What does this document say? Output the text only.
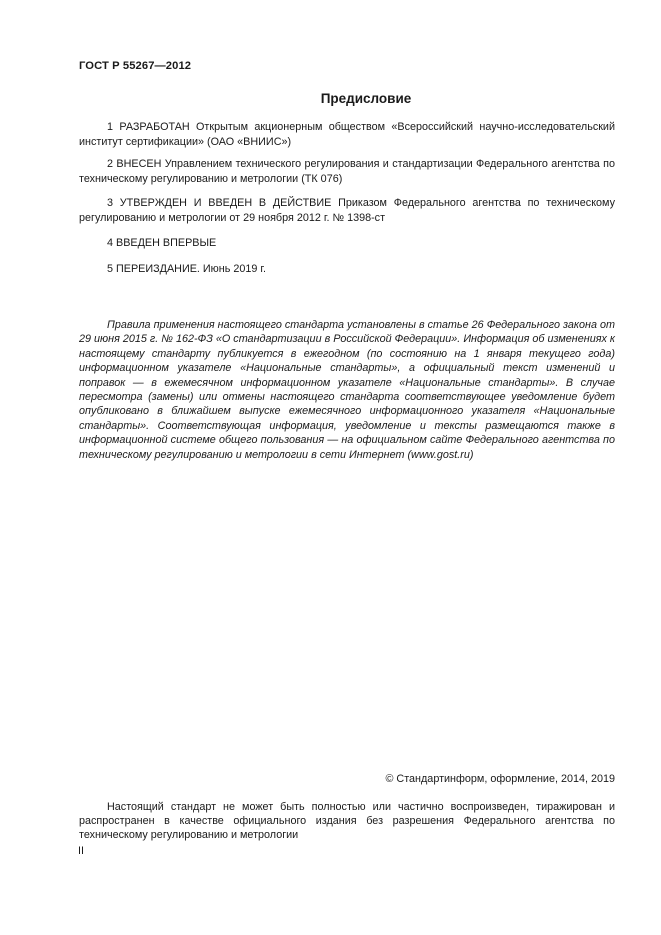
ГОСТ Р 55267—2012
Предисловие
1 РАЗРАБОТАН Открытым акционерным обществом «Всероссийский научно-исследовательский институт сертификации» (ОАО «ВНИИС»)
2 ВНЕСЕН Управлением технического регулирования и стандартизации Федерального агентства по техническому регулированию и метрологии (ТК 076)
3 УТВЕРЖДЕН И ВВЕДЕН В ДЕЙСТВИЕ Приказом Федерального агентства по техническому регулированию и метрологии от 29 ноября 2012 г. № 1398-ст
4 ВВЕДЕН ВПЕРВЫЕ
5 ПЕРЕИЗДАНИЕ. Июнь 2019 г.
Правила применения настоящего стандарта установлены в статье 26 Федерального закона от 29 июня 2015 г. № 162-ФЗ «О стандартизации в Российской Федерации». Информация об изменениях к настоящему стандарту публикуется в ежегодном (по состоянию на 1 января текущего года) информационном указателе «Национальные стандарты», а официальный текст изменений и поправок — в ежемесячном информационном указателе «Национальные стандарты». В случае пересмотра (замены) или отмены настоящего стандарта соответствующее уведомление будет опубликовано в ближайшем выпуске ежемесячного информационного указателя «Национальные стандарты». Соответствующая информация, уведомление и тексты размещаются также в информационной системе общего пользования — на официальном сайте Федерального агентства по техническому регулированию и метрологии в сети Интернет (www.gost.ru)
© Стандартинформ, оформление, 2014, 2019
Настоящий стандарт не может быть полностью или частично воспроизведен, тиражирован и распространен в качестве официального издания без разрешения Федерального агентства по техническому регулированию и метрологии
II
